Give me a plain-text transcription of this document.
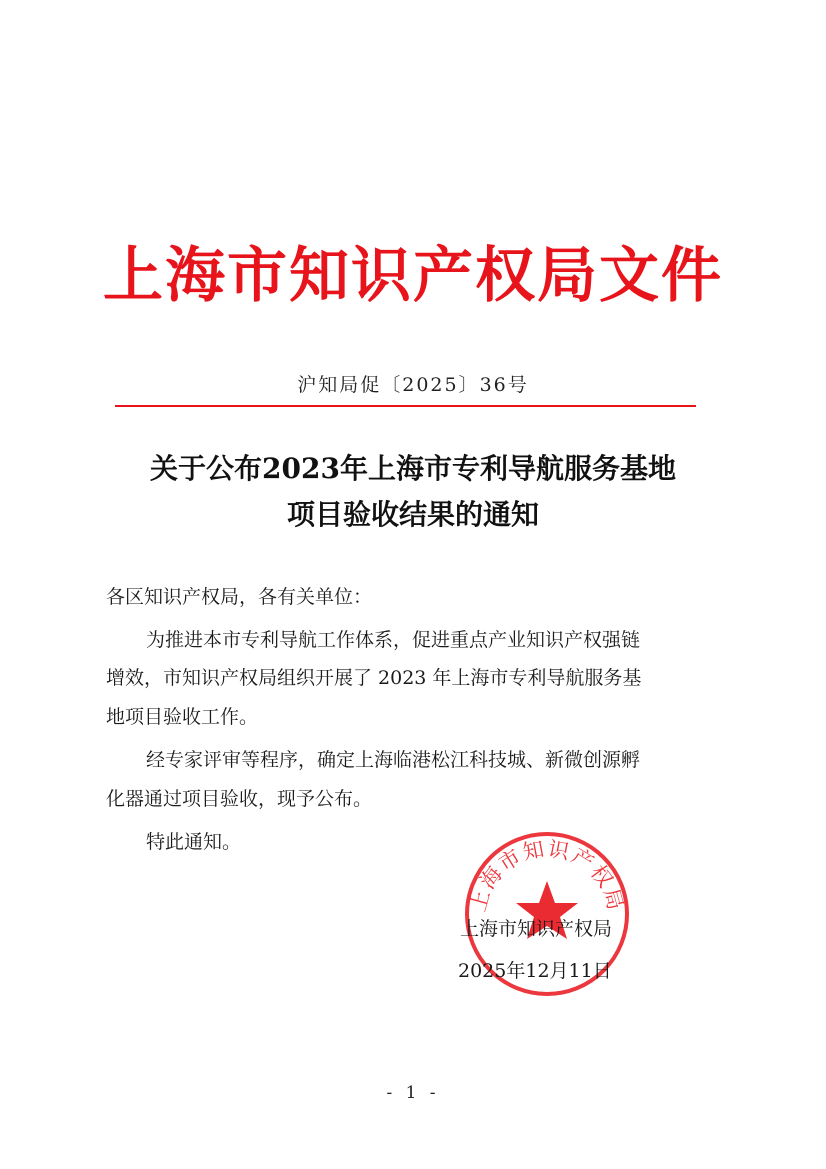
上海市知识产权局文件
沪知局促〔2025〕36号
关于公布2023年上海市专利导航服务基地
项目验收结果的通知
各区知识产权局，各有关单位：
为推进本市专利导航工作体系，促进重点产业知识产权强链
增效，市知识产权局组织开展了 2023 年上海市专利导航服务基
地项目验收工作。
经专家评审等程序，确定上海临港松江科技城、新微创源孵
化器通过项目验收，现予公布。
特此通知。
上海市知识产权局
上海市知识产权局
2025年12月11日
- 1 -
